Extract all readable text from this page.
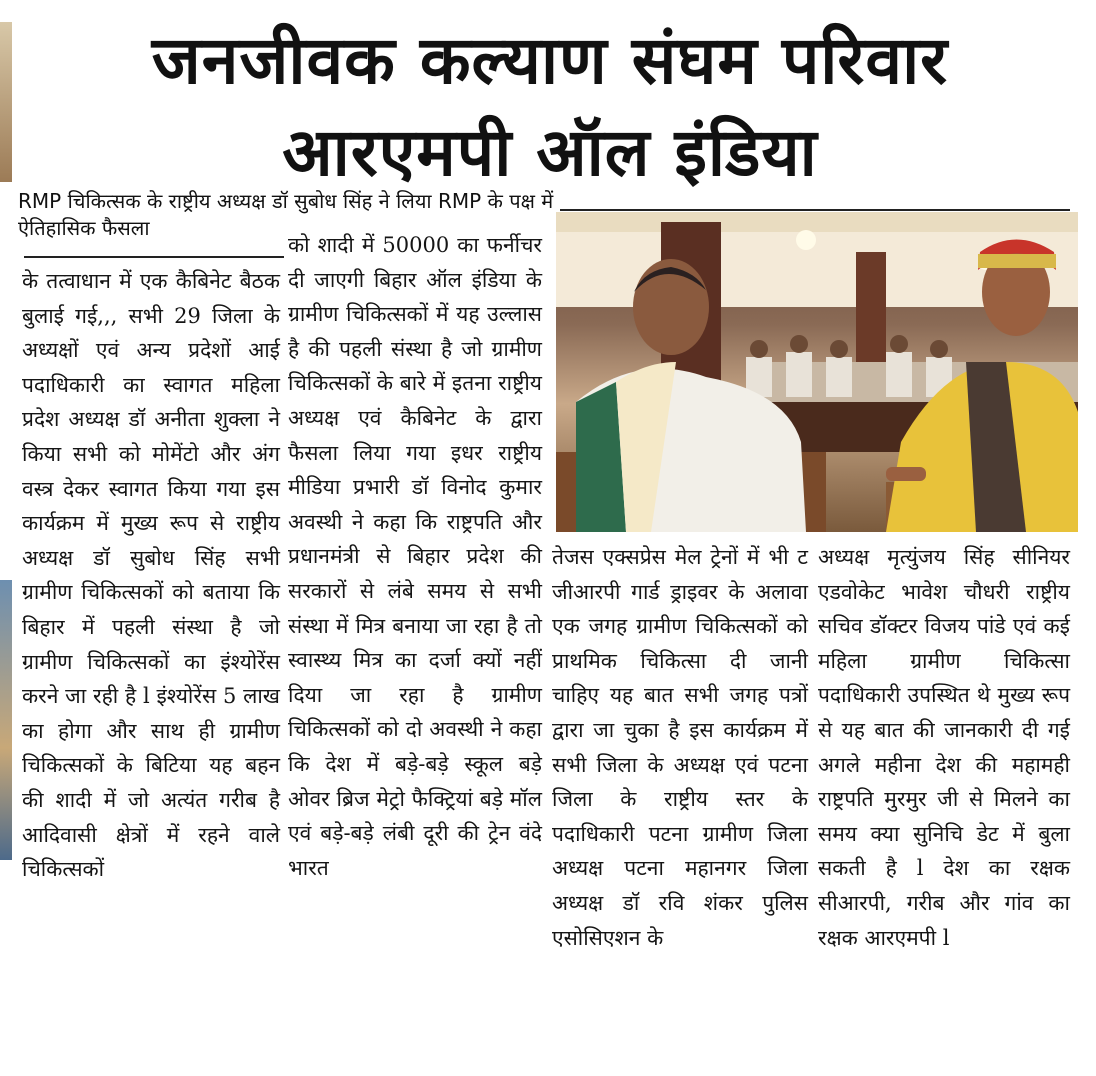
जनजीवक कल्याण संघम परिवार
आरएमपी ऑल इंडिया
RMP चिकित्सक के राष्ट्रीय अध्यक्ष डॉ सुबोध सिंह ने लिया RMP के पक्ष में ऐतिहासिक फैसला

के तत्वाधान में एक कैबिनेट बैठक बुलाई गई,,, सभी 29 जिला के अध्यक्षों एवं अन्य प्रदेशों आई पदाधिकारी का स्वागत महिला प्रदेश अध्यक्ष डॉ अनीता शुक्ला ने किया सभी को मोमेंटो और अंग वस्त्र देकर स्वागत किया गया इस कार्यक्रम में मुख्य रूप से राष्ट्रीय अध्यक्ष डॉ सुबोध सिंह सभी ग्रामीण चिकित्सकों को बताया कि बिहार में पहली संस्था है जो ग्रामीण चिकित्सकों का इंश्योरेंस करने जा रही है l इंश्योरेंस 5 लाख का होगा और साथ ही ग्रामीण चिकित्सकों के बिटिया यह बहन की शादी में जो अत्यंत गरीब है आदिवासी क्षेत्रों में रहने वाले चिकित्सकों

को शादी में 50000 का फर्नीचर दी जाएगी बिहार ऑल इंडिया के ग्रामीण चिकित्सकों में यह उल्लास है की पहली संस्था है जो ग्रामीण चिकित्सकों के बारे में इतना राष्ट्रीय अध्यक्ष एवं कैबिनेट के द्वारा फैसला लिया गया इधर राष्ट्रीय मीडिया प्रभारी डॉ विनोद कुमार अवस्थी ने कहा कि राष्ट्रपति और प्रधानमंत्री से बिहार प्रदेश की सरकारों से लंबे समय से सभी संस्था में मित्र बनाया जा रहा है तो स्वास्थ्य मित्र का दर्जा क्यों नहीं दिया जा रहा है ग्रामीण चिकित्सकों को दो अवस्थी ने कहा कि देश में बड़े-बड़े स्कूल बड़े ओवर ब्रिज मेट्रो फैक्ट्रियां बड़े मॉल एवं बड़े-बड़े लंबी दूरी की ट्रेन वंदे भारत

तेजस एक्सप्रेस मेल ट्रेनों में भी ट जीआरपी गार्ड ड्राइवर के अलावा एक जगह ग्रामीण चिकित्सकों को प्राथमिक चिकित्सा दी जानी चाहिए यह बात सभी जगह पत्रों द्वारा जा चुका है इस कार्यक्रम में सभी जिला के अध्यक्ष एवं पटना जिला के राष्ट्रीय स्तर के पदाधिकारी पटना ग्रामीण जिला अध्यक्ष पटना महानगर जिला अध्यक्ष डॉ रवि शंकर पुलिस एसोसिएशन के

अध्यक्ष मृत्युंजय सिंह सीनियर एडवोकेट भावेश चौधरी राष्ट्रीय सचिव डॉक्टर विजय पांडे एवं कई महिला ग्रामीण चिकित्सा पदाधिकारी उपस्थित थे मुख्य रूप से यह बात की जानकारी दी गई अगले महीना देश की महामही राष्ट्रपति मुरमुर जी से मिलने का समय क्या सुनिचि डेट में बुला सकती है l देश का रक्षक सीआरपी, गरीब और गांव का रक्षक आरएमपी l
